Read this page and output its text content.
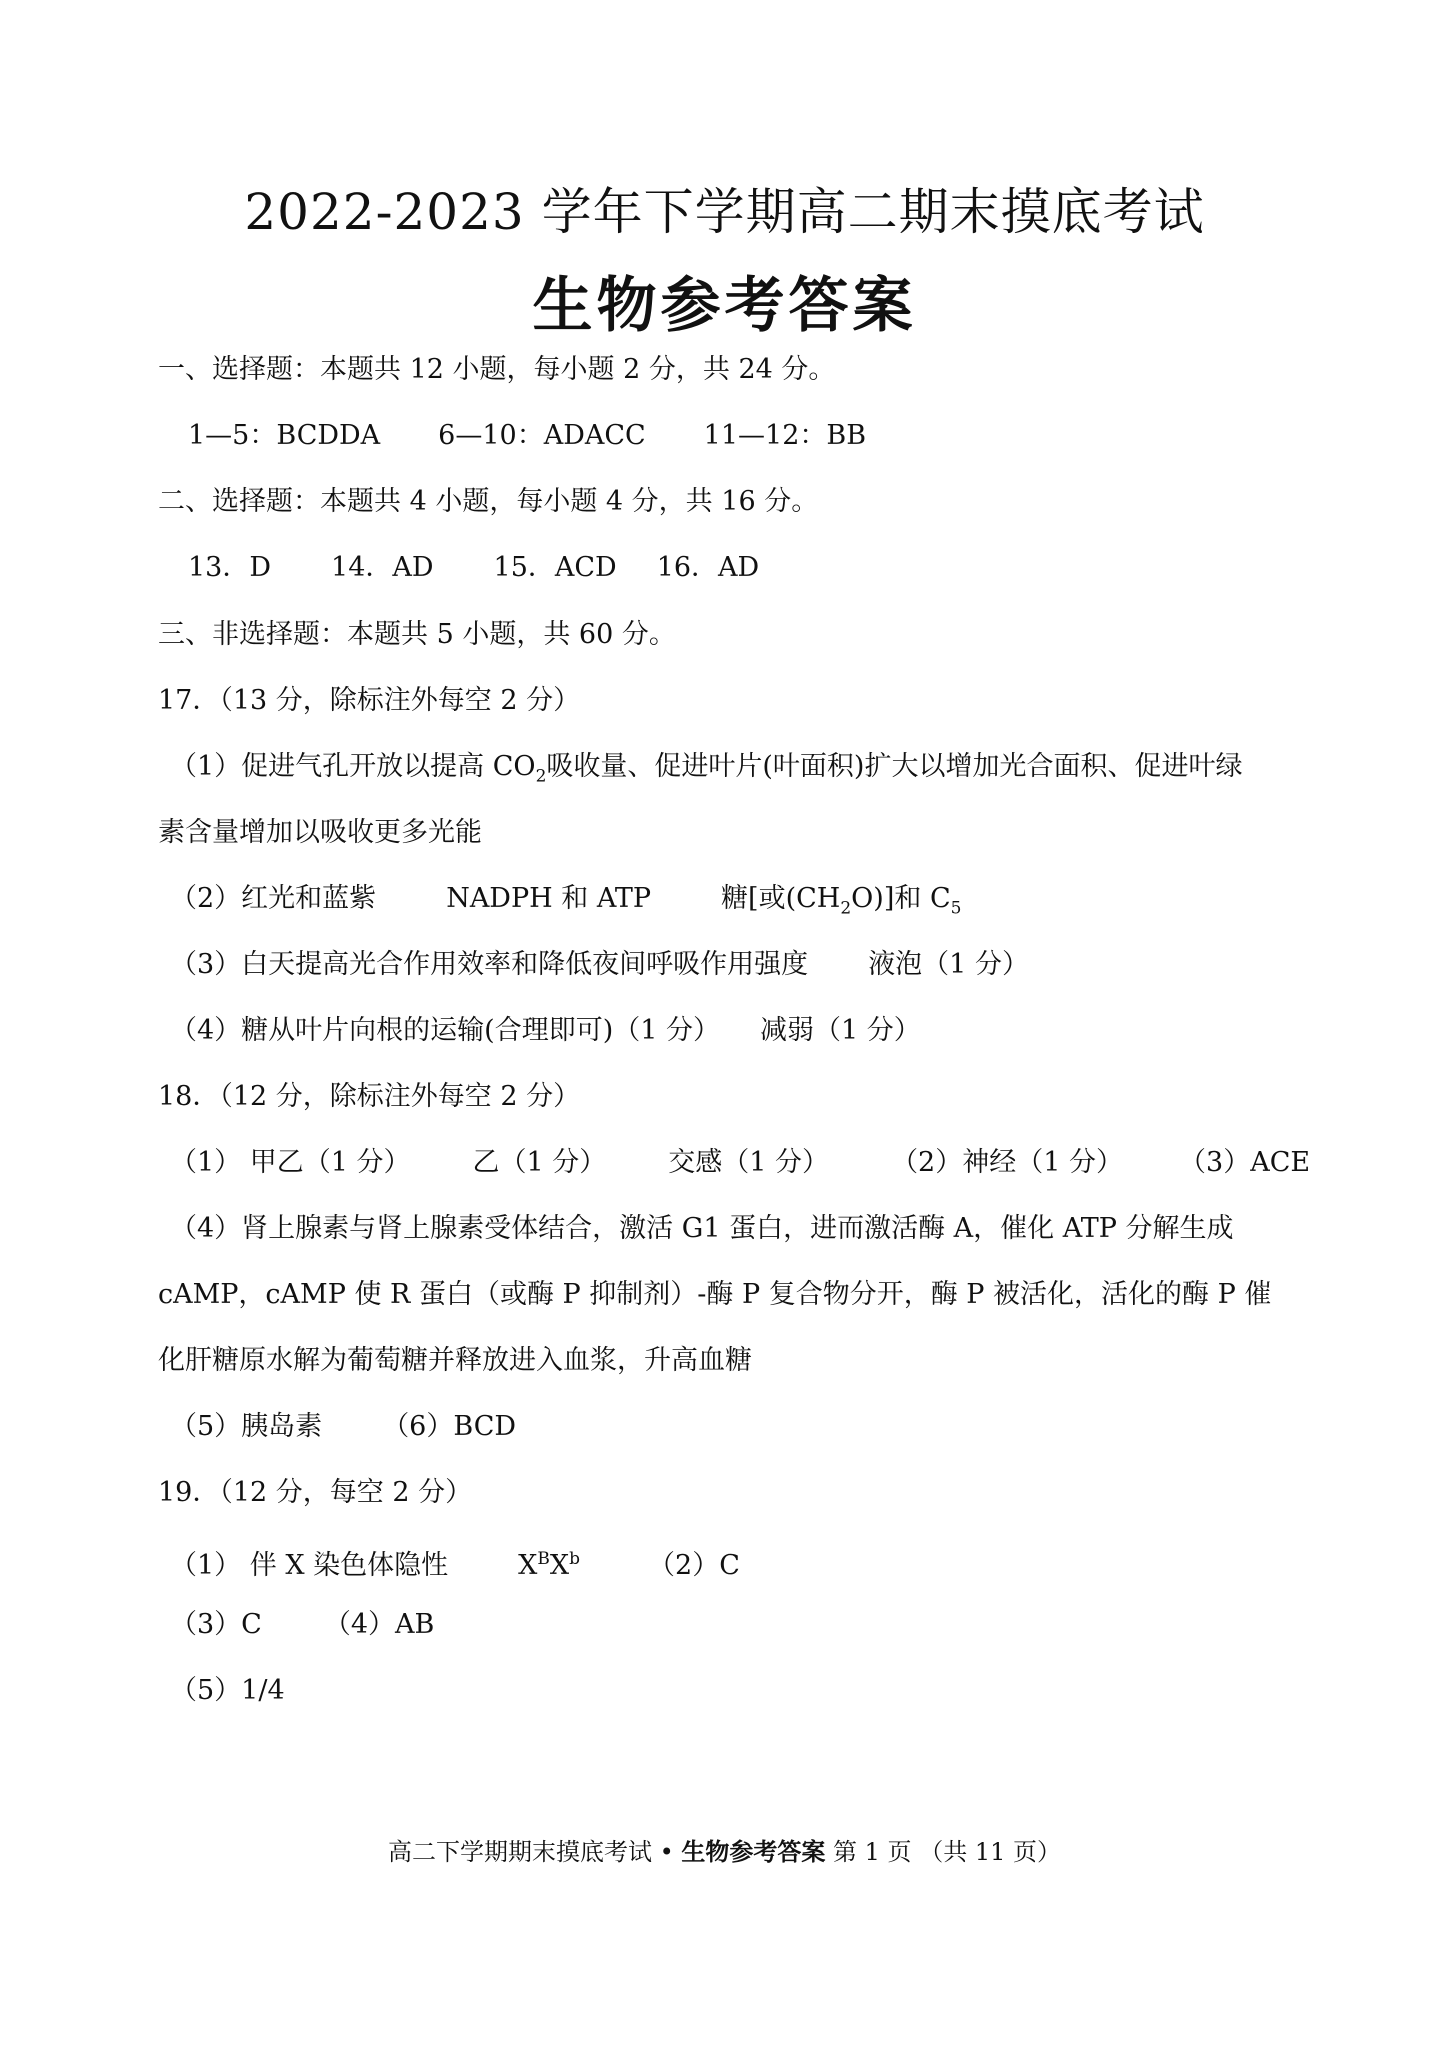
2022-2023 学年下学期高二期末摸底考试
生物参考答案
一、选择题：本题共 12 小题，每小题 2 分，共 24 分。
1—5：BCDDA 6—10：ADACC 11—12：BB
二、选择题：本题共 4 小题，每小题 4 分，共 16 分。
13．D 14．AD 15．ACD 16．AD
三、非选择题：本题共 5 小题，共 60 分。
17．（13 分，除标注外每空 2 分）
（1）促进气孔开放以提高 $CO_2$吸收量、促进叶片(叶面积)扩大以增加光合面积、促进叶绿
素含量增加以吸收更多光能
（2）红光和蓝紫	NADPH 和 ATP	糖[或$(CH_2O)$]和 $C_5$
（3）白天提高光合作用效率和降低夜间呼吸作用强度 液泡（1 分）
（4）糖从叶片向根的运输(合理即可)（1 分） 减弱（1 分）
18．（12 分，除标注外每空 2 分）
（1） 甲乙（1 分） 乙（1 分） 交感（1 分） （2）神经（1 分） （3）ACE
（4）肾上腺素与肾上腺素受体结合，激活 G1 蛋白，进而激活酶 A，催化 ATP 分解生成
cAMP，cAMP 使 R 蛋白（或酶 P 抑制剂）-酶 P 复合物分开，酶 P 被活化，活化的酶 P 催
化肝糖原水解为葡萄糖并释放进入血浆，升高血糖
（5）胰岛素 （6）BCD
19．（12 分，每空 2 分）
（1） 伴 X 染色体隐性	$X^BX^b$	（2）C
（3）C （4）AB
（5）1/4
高二下学期期末摸底考试 • 生物参考答案 第 1 页 （共 11 页）
